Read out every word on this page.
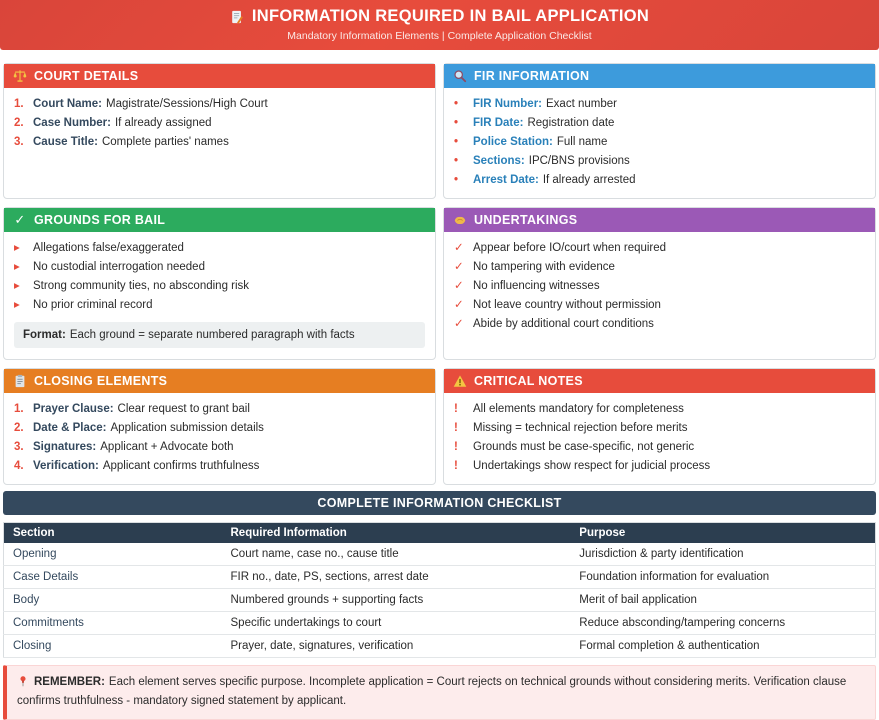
INFORMATION REQUIRED IN BAIL APPLICATION
Mandatory Information Elements | Complete Application Checklist
COURT DETAILS
1. Court Name: Magistrate/Sessions/High Court
2. Case Number: If already assigned
3. Cause Title: Complete parties' names
FIR INFORMATION
•	FIR Number: Exact number
•	FIR Date: Registration date
•	Police Station: Full name
•	Sections: IPC/BNS provisions
•	Arrest Date: If already arrested
✓ GROUNDS FOR BAIL
▸	Allegations false/exaggerated
▸	No custodial interrogation needed
▸	Strong community ties, no absconding risk
▸	No prior criminal record
Format: Each ground = separate numbered paragraph with facts
UNDERTAKINGS
✓ Appear before IO/court when required
✓ No tampering with evidence
✓ No influencing witnesses
✓ Not leave country without permission
✓ Abide by additional court conditions
CLOSING ELEMENTS
1. Prayer Clause: Clear request to grant bail
2. Date & Place: Application submission details
3. Signatures: Applicant + Advocate both
4. Verification: Applicant confirms truthfulness
CRITICAL NOTES
!	All elements mandatory for completeness
!	Missing = technical rejection before merits
!	Grounds must be case-specific, not generic
!	Undertakings show respect for judicial process
COMPLETE INFORMATION CHECKLIST
Section	Required Information	Purpose
Opening	Court name, case no., cause title	Jurisdiction & party identification
Case Details	FIR no., date, PS, sections, arrest date	Foundation information for evaluation
Body	Numbered grounds + supporting facts	Merit of bail application
Commitments	Specific undertakings to court	Reduce absconding/tampering concerns
Closing	Prayer, date, signatures, verification	Formal completion & authentication

REMEMBER: Each element serves specific purpose. Incomplete application = Court rejects on technical grounds without considering merits. Verification clause confirms truthfulness - mandatory signed statement by applicant.
